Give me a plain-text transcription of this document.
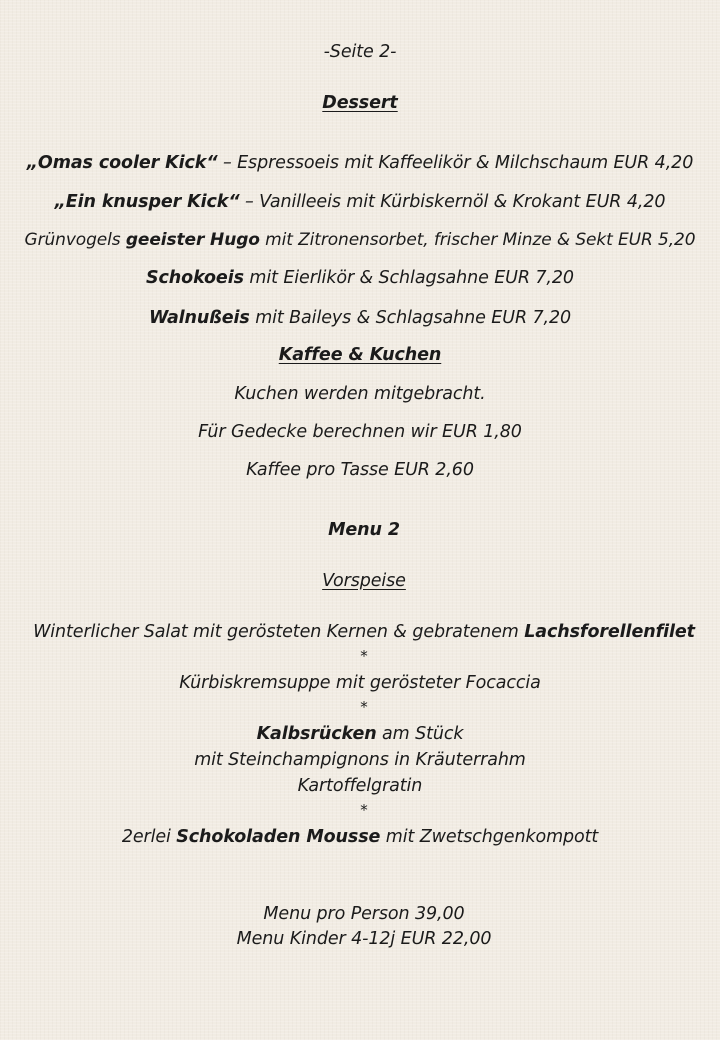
-Seite 2-
Dessert
„Omas cooler Kick“ – Espressoeis mit Kaffeelikör & Milchschaum EUR 4,20
„Ein knusper Kick“ – Vanilleeis mit Kürbiskernöl & Krokant EUR 4,20
Grünvogels geeister Hugo mit Zitronensorbet, frischer Minze & Sekt EUR 5,20
Schokoeis mit Eierlikör & Schlagsahne EUR 7,20
Walnußeis mit Baileys & Schlagsahne EUR 7,20
Kaffee & Kuchen
Kuchen werden mitgebracht.
Für Gedecke berechnen wir EUR 1,80
Kaffee pro Tasse EUR 2,60
Menu 2
Vorspeise
Winterlicher Salat mit gerösteten Kernen & gebratenem Lachsforellenfilet
*
Kürbiskremsuppe mit gerösteter Focaccia
*
Kalbsrücken am Stück
mit Steinchampignons in Kräuterrahm
Kartoffelgratin
*
2erlei Schokoladen Mousse mit Zwetschgenkompott
Menu pro Person 39,00
Menu Kinder 4-12j EUR 22,00
